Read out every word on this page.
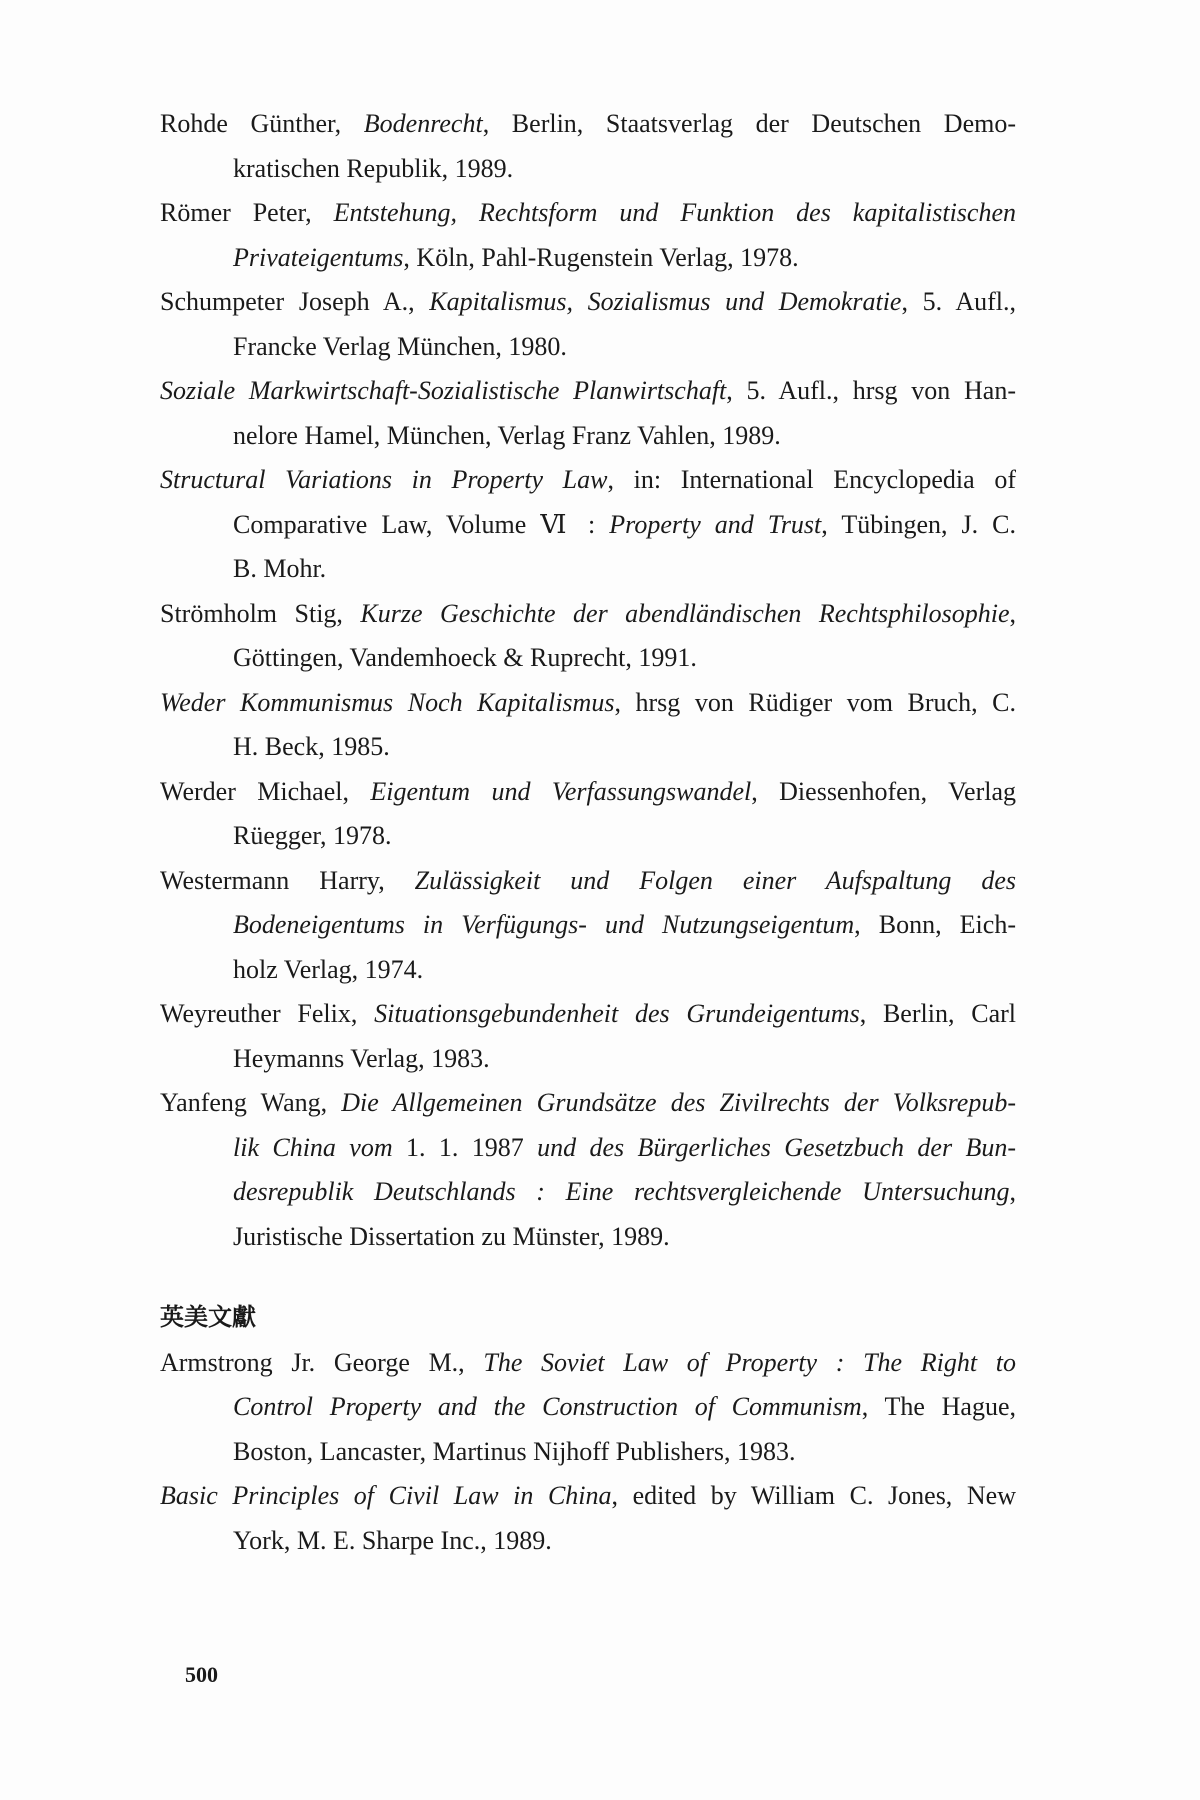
Rohde Günther, Bodenrecht, Berlin, Staatsverlag der Deutschen Demo-
kratischen Republik, 1989.
Römer Peter, Entstehung, Rechtsform und Funktion des kapitalistischen
Privateigentums, Köln, Pahl-Rugenstein Verlag, 1978.
Schumpeter Joseph A., Kapitalismus, Sozialismus und Demokratie, 5. Aufl.,
Francke Verlag München, 1980.
Soziale Markwirtschaft-Sozialistische Planwirtschaft, 5. Aufl., hrsg von Han-
nelore Hamel, München, Verlag Franz Vahlen, 1989.
Structural Variations in Property Law, in: International Encyclopedia of
Comparative Law, Volume Ⅵ : Property and Trust, Tübingen, J. C.
B. Mohr.
Strömholm Stig, Kurze Geschichte der abendländischen Rechtsphilosophie,
Göttingen, Vandemhoeck & Ruprecht, 1991.
Weder Kommunismus Noch Kapitalismus, hrsg von Rüdiger vom Bruch, C.
H. Beck, 1985.
Werder Michael, Eigentum und Verfassungswandel, Diessenhofen, Verlag
Rüegger, 1978.
Westermann Harry, Zulässigkeit und Folgen einer Aufspaltung des
Bodeneigentums in Verfügungs- und Nutzungseigentum, Bonn, Eich-
holz Verlag, 1974.
Weyreuther Felix, Situationsgebundenheit des Grundeigentums, Berlin, Carl
Heymanns Verlag, 1983.
Yanfeng Wang, Die Allgemeinen Grundsätze des Zivilrechts der Volksrepub-
lik China vom 1. 1. 1987 und des Bürgerliches Gesetzbuch der Bun-
desrepublik Deutschlands : Eine rechtsvergleichende Untersuchung,
Juristische Dissertation zu Münster, 1989.
英美文獻
Armstrong Jr. George M., The Soviet Law of Property : The Right to
Control Property and the Construction of Communism, The Hague,
Boston, Lancaster, Martinus Nijhoff Publishers, 1983.
Basic Principles of Civil Law in China, edited by William C. Jones, New
York, M. E. Sharpe Inc., 1989.
500
